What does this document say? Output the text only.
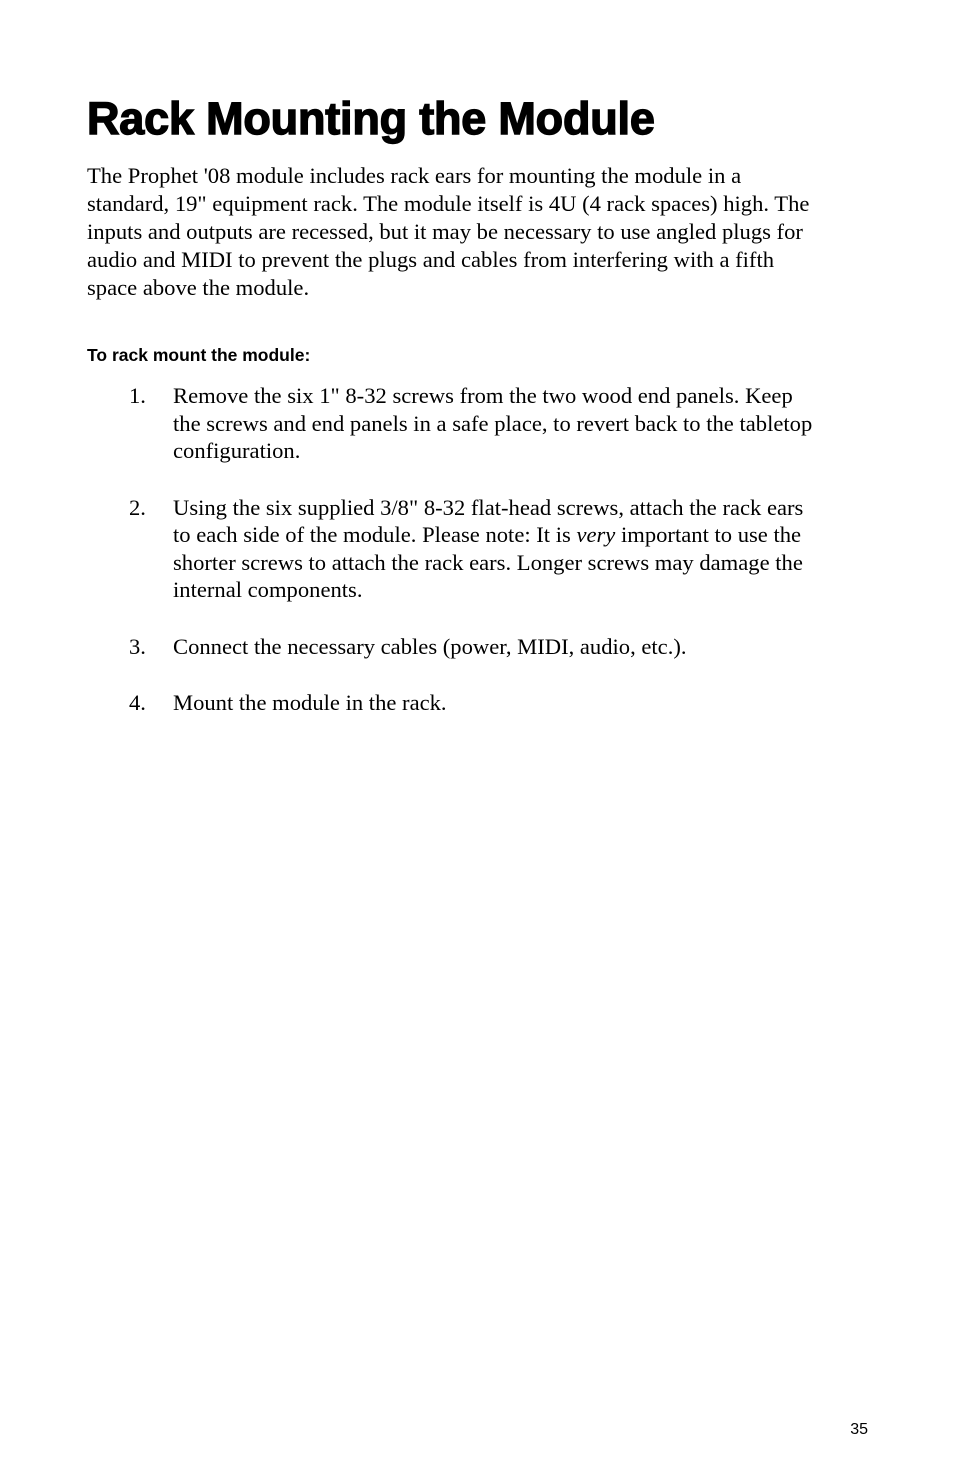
Rack Mounting the Module

The Prophet '08 module includes rack ears for mounting the module in a
standard, 19" equipment rack. The module itself is 4U (4 rack spaces) high. The
inputs and outputs are recessed, but it may be necessary to use angled plugs for
audio and MIDI to prevent the plugs and cables from interfering with a fifth
space above the module.

To rack mount the module:
1. Remove the six 1" 8-32 screws from the two wood end panels. Keep
the screws and end panels in a safe place, to revert back to the tabletop
configuration.
2. Using the six supplied 3/8" 8-32 flat-head screws, attach the rack ears
to each side of the module. Please note: It is very important to use the
shorter screws to attach the rack ears. Longer screws may damage the
internal components.
3. Connect the necessary cables (power, MIDI, audio, etc.).
4. Mount the module in the rack.
35
